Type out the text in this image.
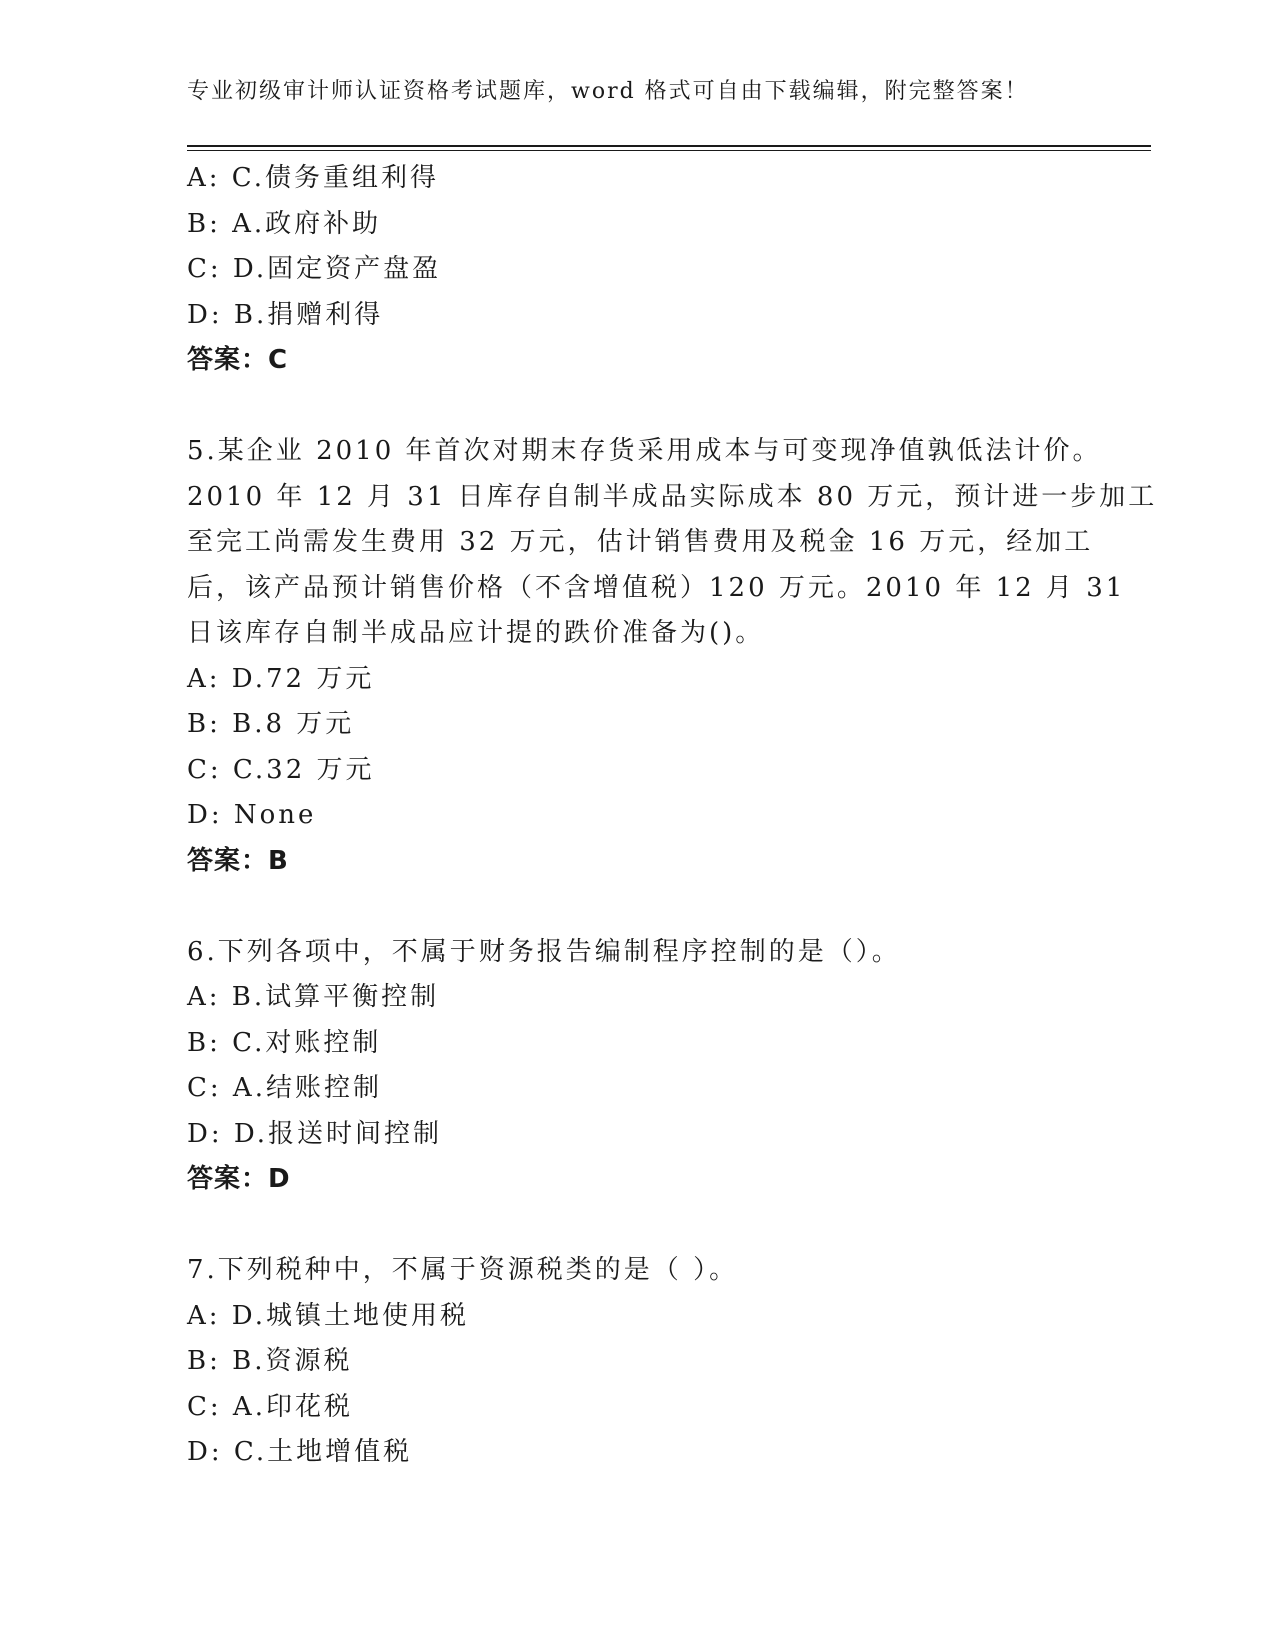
专业初级审计师认证资格考试题库，word 格式可自由下载编辑，附完整答案！
A: C.债务重组利得
B: A.政府补助
C: D.固定资产盘盈
D: B.捐赠利得
答案：C
5.某企业 2010 年首次对期末存货采用成本与可变现净值孰低法计价。
2010 年 12 月 31 日库存自制半成品实际成本 80 万元，预计进一步加工
至完工尚需发生费用 32 万元，估计销售费用及税金 16 万元，经加工
后，该产品预计销售价格（不含增值税）120 万元。2010 年 12 月 31
日该库存自制半成品应计提的跌价准备为()。
A: D.72 万元
B: B.8 万元
C: C.32 万元
D: None
答案：B
6.下列各项中，不属于财务报告编制程序控制的是（）。
A: B.试算平衡控制
B: C.对账控制
C: A.结账控制
D: D.报送时间控制
答案：D
7.下列税种中，不属于资源税类的是（ ）。
A: D.城镇土地使用税
B: B.资源税
C: A.印花税
D: C.土地增值税
